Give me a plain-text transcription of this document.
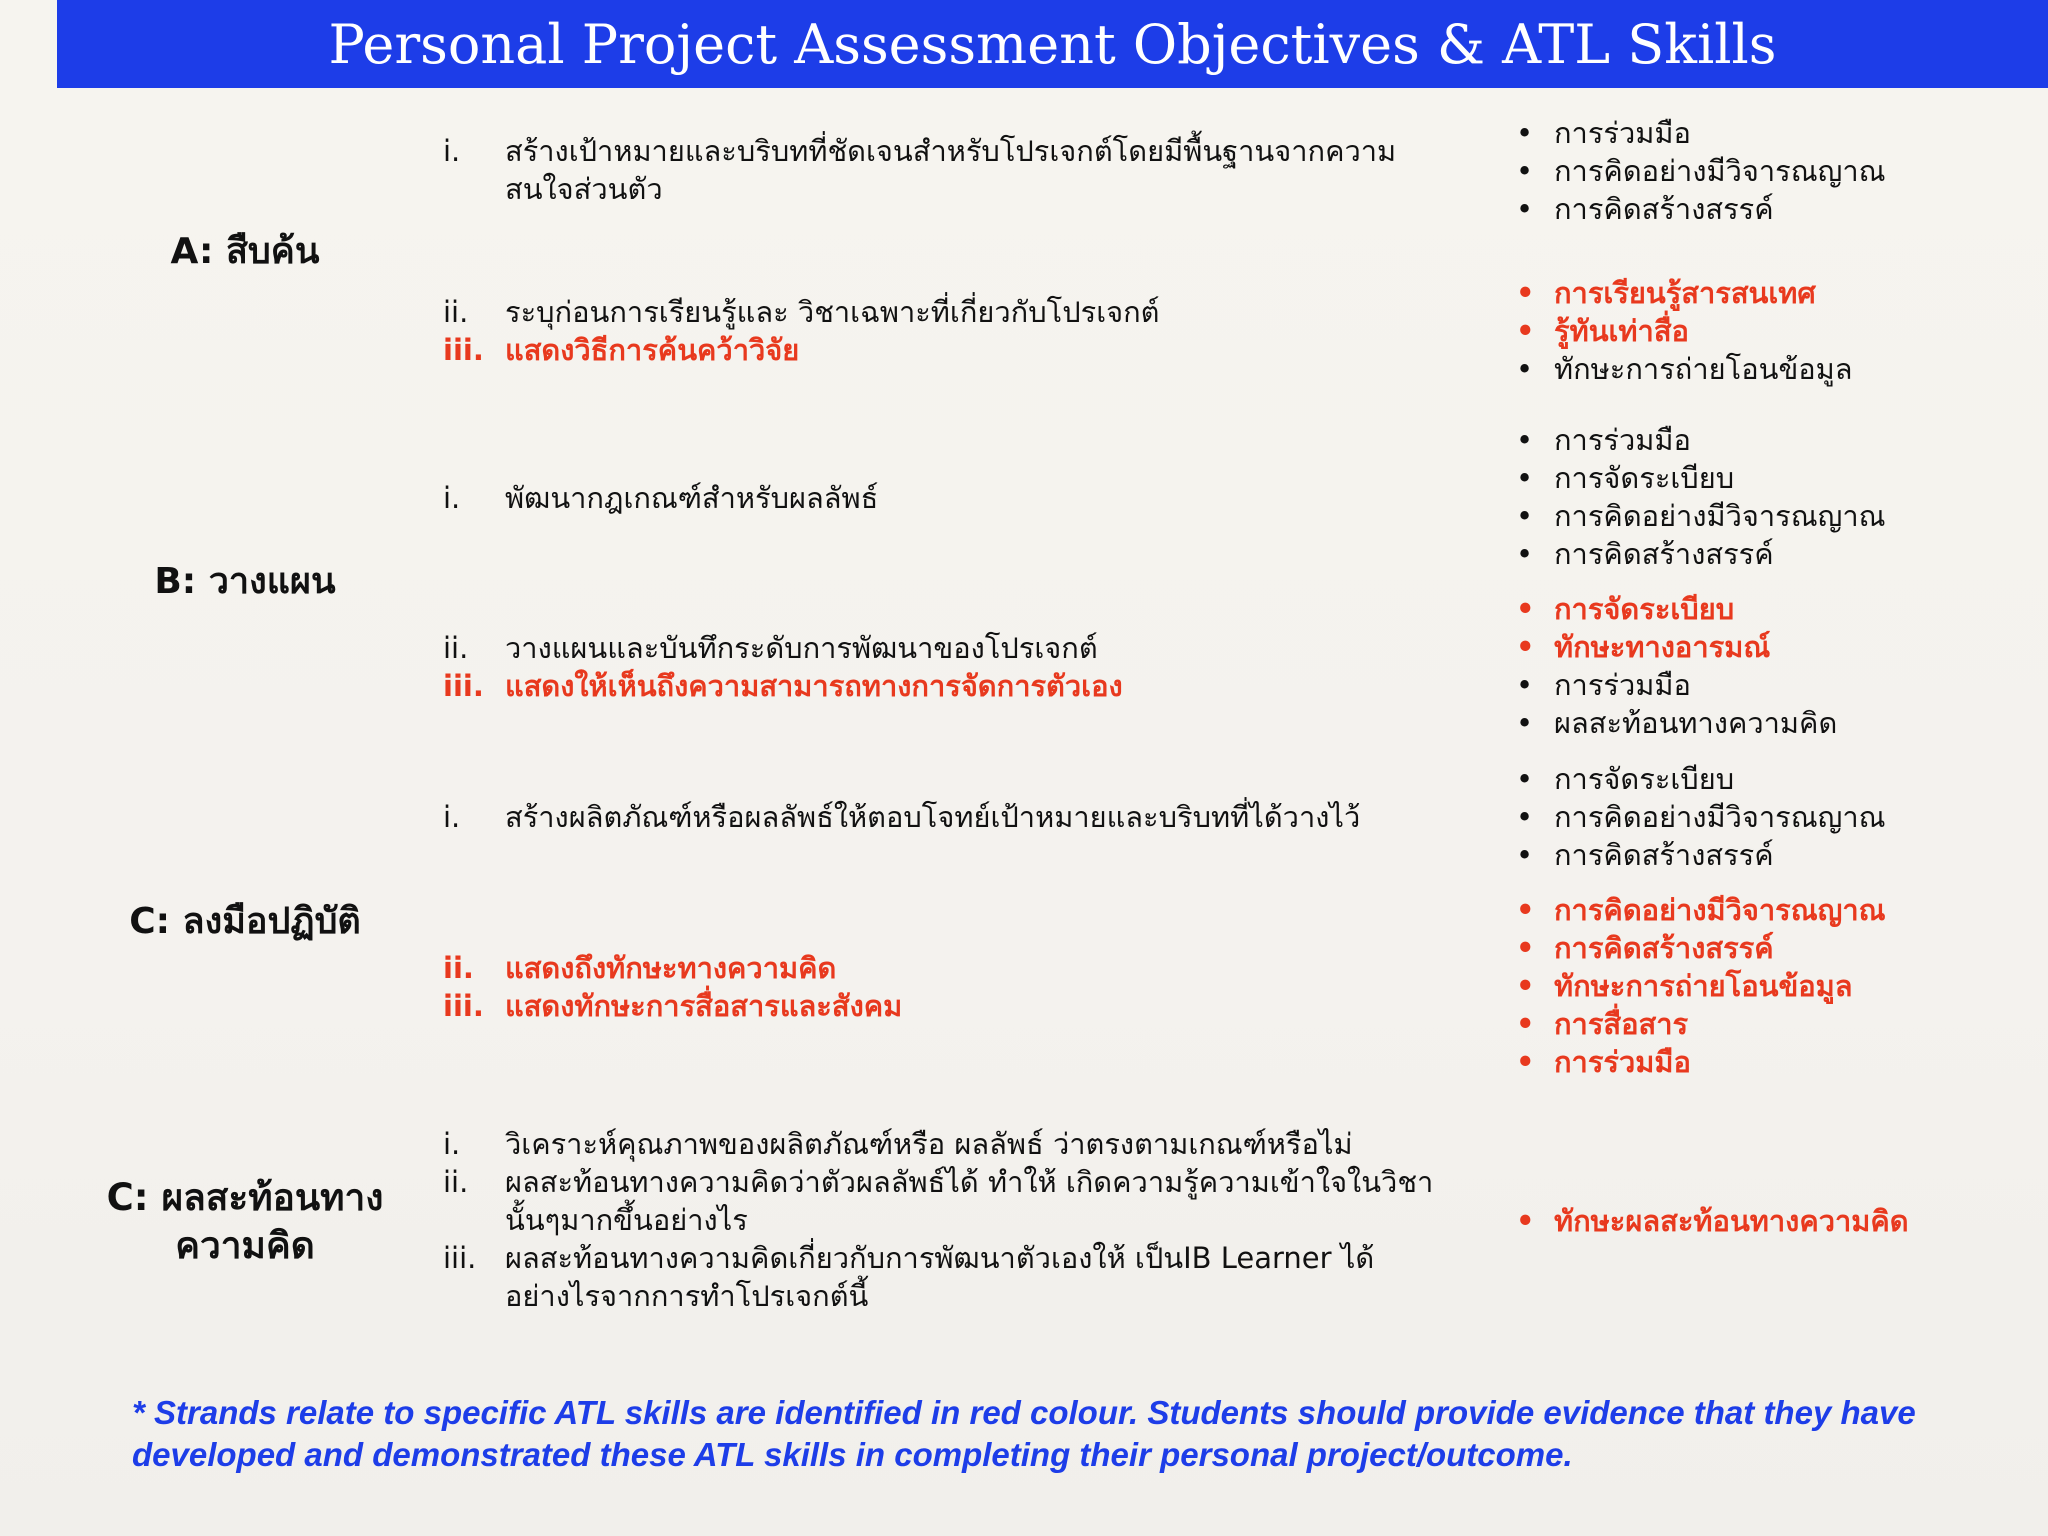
Personal Project Assessment Objectives & ATL Skills
A: สืบค้น
i. สร้างเป้าหมายและบริบทที่ชัดเจนสำหรับโปรเจกต์โดยมีพื้นฐานจากความสนใจส่วนตัว
ii. ระบุก่อนการเรียนรู้และ วิชาเฉพาะที่เกี่ยวกับโปรเจกต์
iii. แสดงวิธีการค้นคว้าวิจัย
• การร่วมมือ
• การคิดอย่างมีวิจารณญาณ
• การคิดสร้างสรรค์
• การเรียนรู้สารสนเทศ
• รู้ทันเท่าสื่อ
• ทักษะการถ่ายโอนข้อมูล
B: วางแผน
i. พัฒนากฎเกณฑ์สำหรับผลลัพธ์
ii. วางแผนและบันทึกระดับการพัฒนาของโปรเจกต์
iii. แสดงให้เห็นถึงความสามารถทางการจัดการตัวเอง
• การร่วมมือ
• การจัดระเบียบ
• การคิดอย่างมีวิจารณญาณ
• การคิดสร้างสรรค์
• การจัดระเบียบ
• ทักษะทางอารมณ์
• การร่วมมือ
• ผลสะท้อนทางความคิด
C: ลงมือปฏิบัติ
i. สร้างผลิตภัณฑ์หรือผลลัพธ์ให้ตอบโจทย์เป้าหมายและบริบทที่ได้วางไว้
ii. แสดงถึงทักษะทางความคิด
iii. แสดงทักษะการสื่อสารและสังคม
• การจัดระเบียบ
• การคิดอย่างมีวิจารณญาณ
• การคิดสร้างสรรค์
• การคิดอย่างมีวิจารณญาณ
• การคิดสร้างสรรค์
• ทักษะการถ่ายโอนข้อมูล
• การสื่อสาร
• การร่วมมือ
C: ผลสะท้อนทาง
ความคิด
i. วิเคราะห์คุณภาพของผลิตภัณฑ์หรือ ผลลัพธ์ ว่าตรงตามเกณฑ์หรือไม่
ii. ผลสะท้อนทางความคิดว่าตัวผลลัพธ์ได้ ทำให้ เกิดความรู้ความเข้าใจในวิชานั้นๆมากขึ้นอย่างไร
iii. ผลสะท้อนทางความคิดเกี่ยวกับการพัฒนาตัวเองให้ เป็นIB Learner ได้อย่างไรจากการทำโปรเจกต์นี้
• ทักษะผลสะท้อนทางความคิด
* Strands relate to specific ATL skills are identified in red colour. Students should provide evidence that they have developed and demonstrated these ATL skills in completing their personal project/outcome.
